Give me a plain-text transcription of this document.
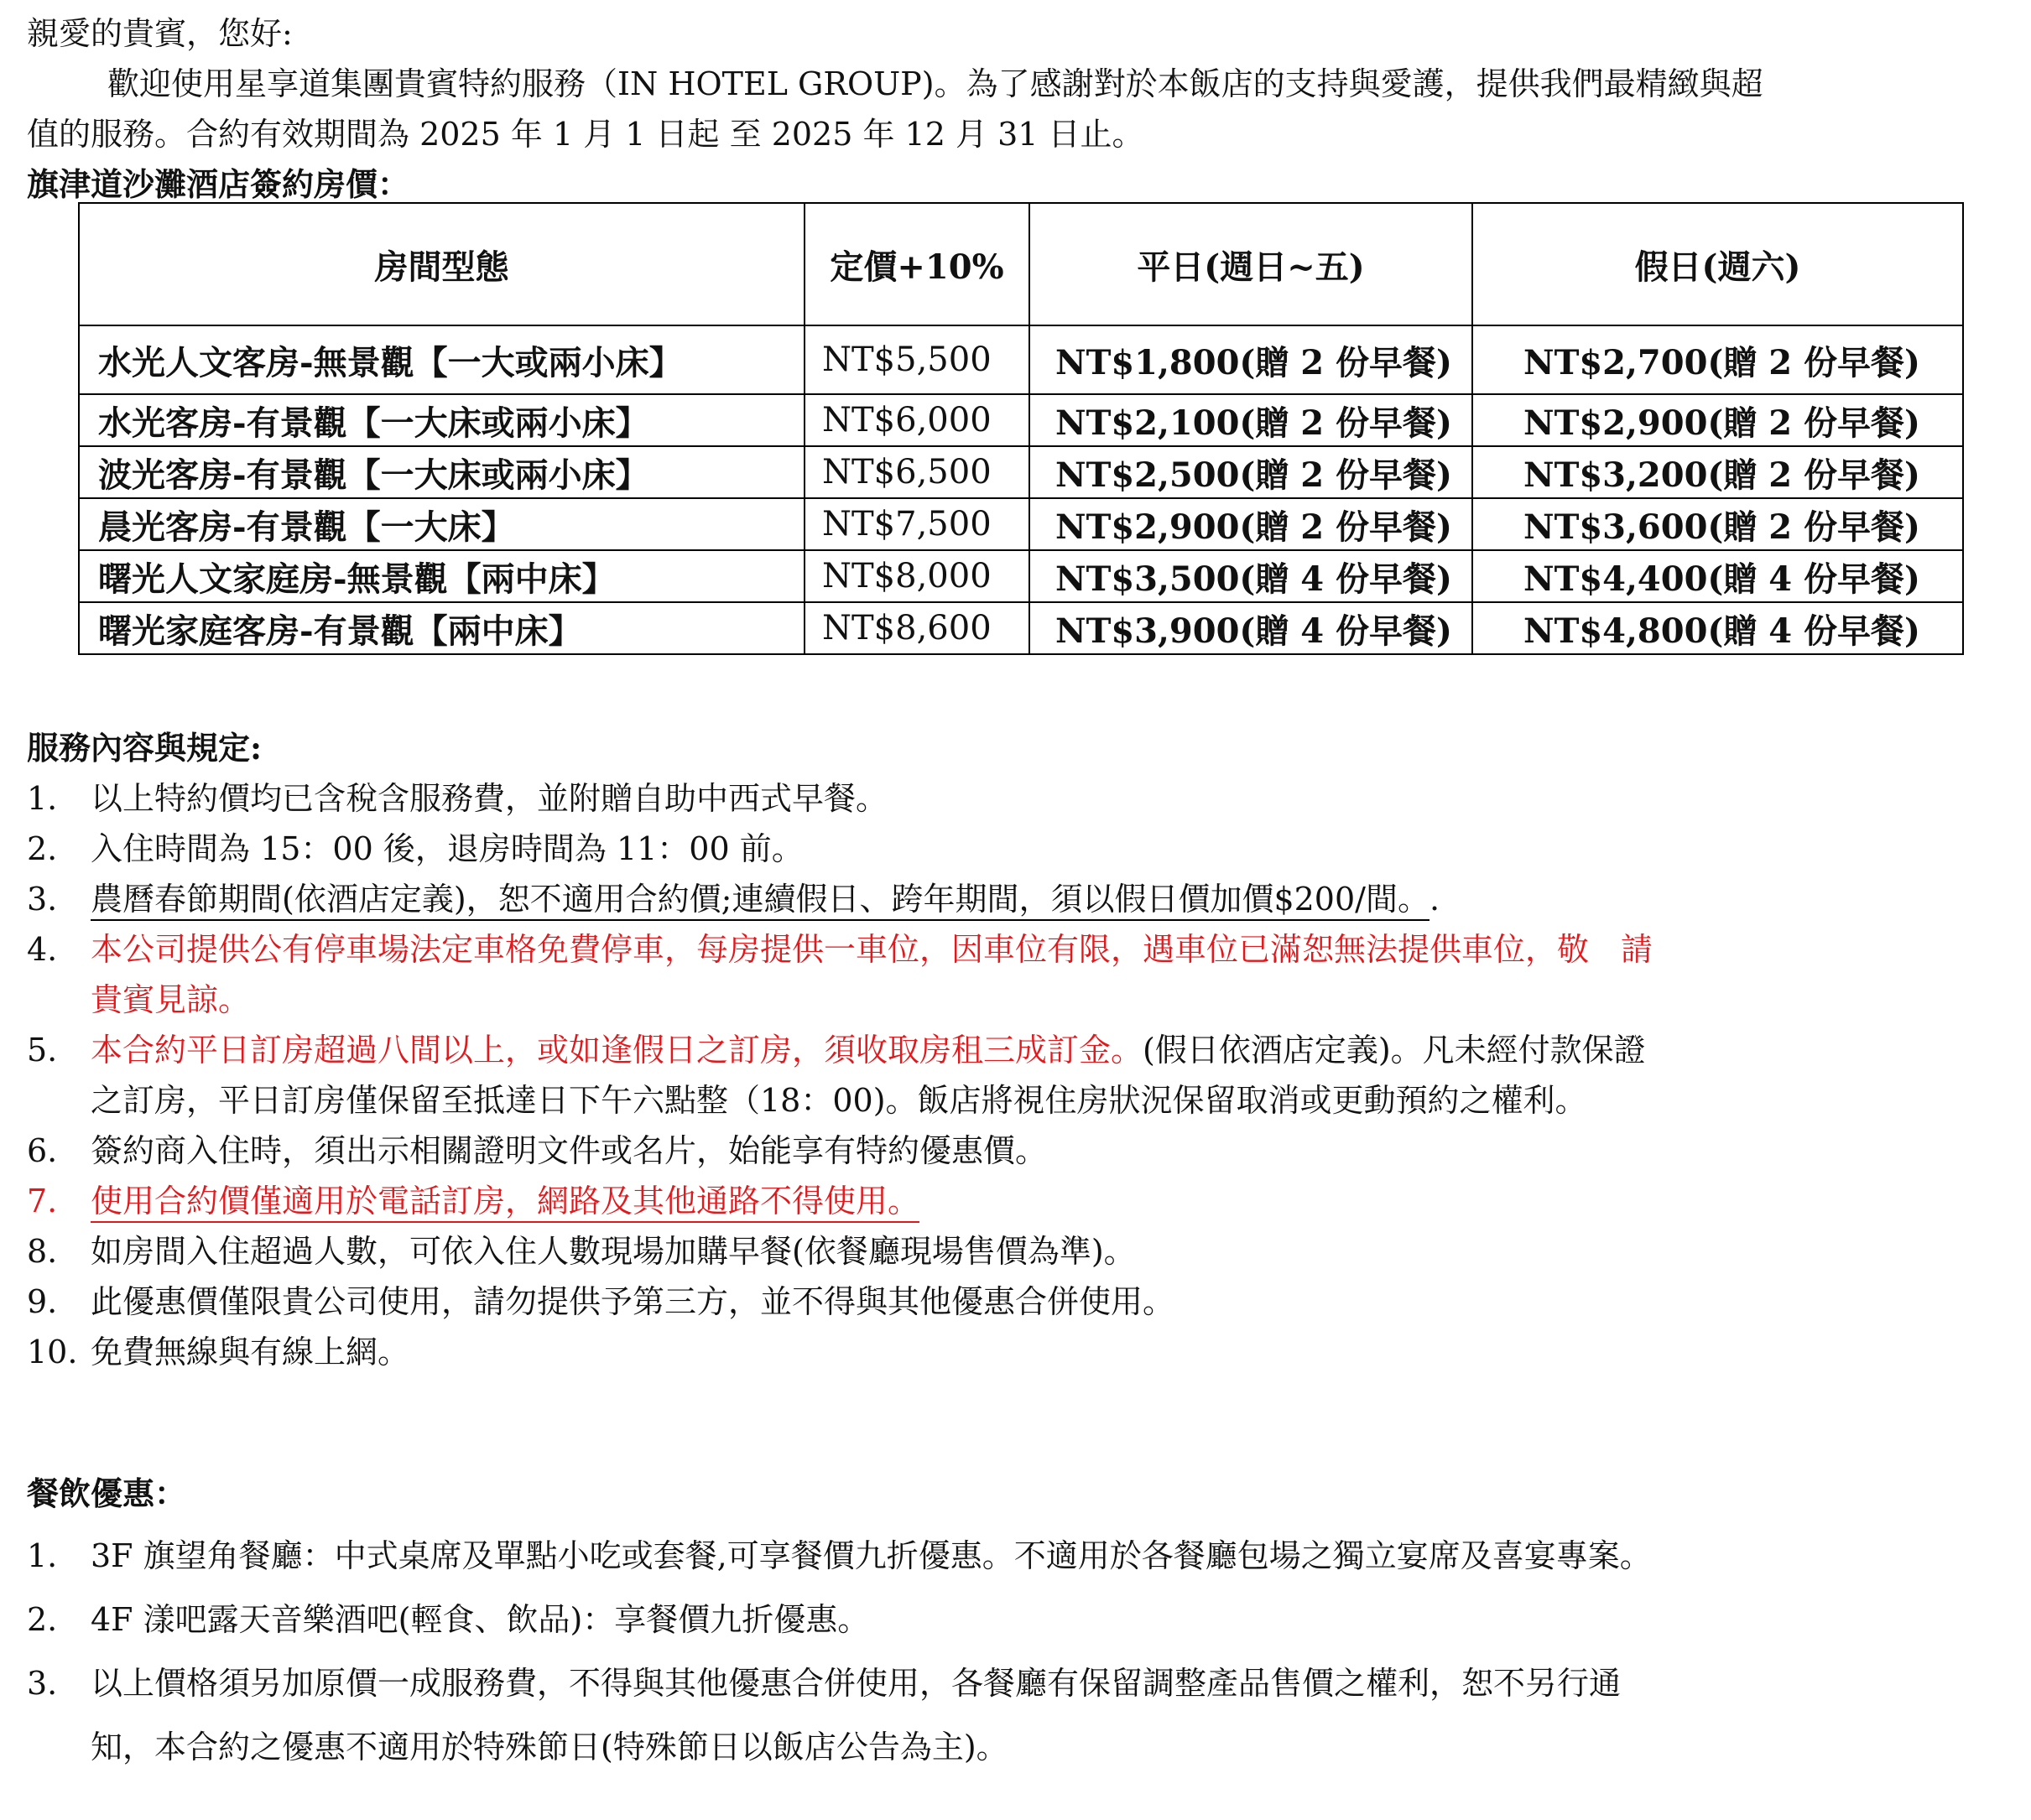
親愛的貴賓，您好:
歡迎使用星享道集團貴賓特約服務（IN HOTEL GROUP)。為了感謝對於本飯店的支持與愛護，提供我們最精緻與超
值的服務。合約有效期間為 2025 年 1 月 1 日起 至 2025 年 12 月 31 日止。
旗津道沙灘酒店簽約房價：
房間型態	定價+10%	平日(週日~五)	假日(週六)
水光人文客房-無景觀【一大或兩小床】	NT$5,500	NT$1,800(贈 2 份早餐)	NT$2,700(贈 2 份早餐)
水光客房-有景觀【一大床或兩小床】	NT$6,000	NT$2,100(贈 2 份早餐)	NT$2,900(贈 2 份早餐)
波光客房-有景觀【一大床或兩小床】	NT$6,500	NT$2,500(贈 2 份早餐)	NT$3,200(贈 2 份早餐)
晨光客房-有景觀【一大床】	NT$7,500	NT$2,900(贈 2 份早餐)	NT$3,600(贈 2 份早餐)
曙光人文家庭房-無景觀【兩中床】	NT$8,000	NT$3,500(贈 4 份早餐)	NT$4,400(贈 4 份早餐)
曙光家庭客房-有景觀【兩中床】	NT$8,600	NT$3,900(贈 4 份早餐)	NT$4,800(贈 4 份早餐)
服務內容與規定:
1. 以上特約價均已含稅含服務費，並附贈自助中西式早餐。
2. 入住時間為 15：00 後，退房時間為 11：00 前。
3. 農曆春節期間(依酒店定義)，恕不適用合約價;連續假日、跨年期間，須以假日價加價$200/間。.
4. 本公司提供公有停車場法定車格免費停車，每房提供一車位，因車位有限，遇車位已滿恕無法提供車位，敬　請
貴賓見諒。
5. 本合約平日訂房超過八間以上，或如逢假日之訂房，須收取房租三成訂金。(假日依酒店定義)。凡未經付款保證
之訂房，平日訂房僅保留至抵達日下午六點整（18：00)。飯店將視住房狀況保留取消或更動預約之權利。
6. 簽約商入住時，須出示相關證明文件或名片，始能享有特約優惠價。
7. 使用合約價僅適用於電話訂房，網路及其他通路不得使用。
8. 如房間入住超過人數，可依入住人數現場加購早餐(依餐廳現場售價為準)。
9. 此優惠價僅限貴公司使用，請勿提供予第三方，並不得與其他優惠合併使用。
10. 免費無線與有線上網。
餐飲優惠：
1. 3F 旗望角餐廳：中式桌席及單點小吃或套餐,可享餐價九折優惠。不適用於各餐廳包場之獨立宴席及喜宴專案。
2. 4F 漾吧露天音樂酒吧(輕食、飲品)：享餐價九折優惠。
3. 以上價格須另加原價一成服務費，不得與其他優惠合併使用，各餐廳有保留調整產品售價之權利，恕不另行通
知，本合約之優惠不適用於特殊節日(特殊節日以飯店公告為主)。
